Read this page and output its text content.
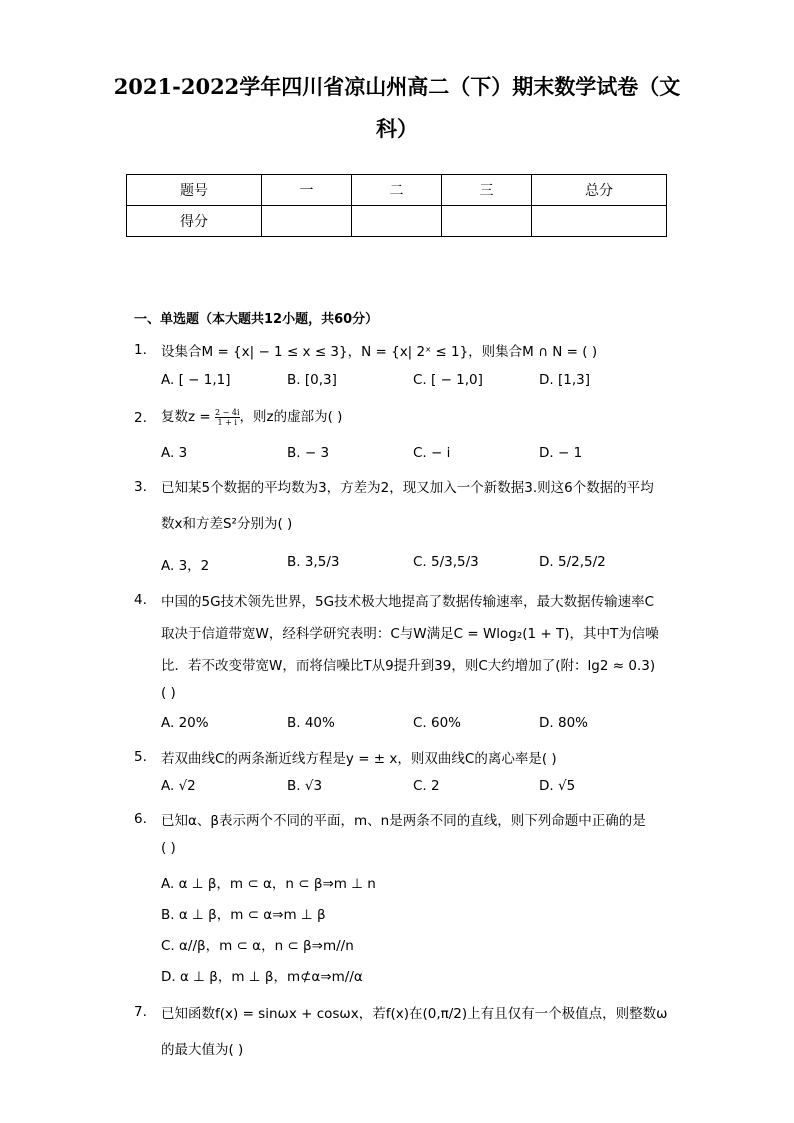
2021-2022学年四川省凉山州高二（下）期末数学试卷（文
科）
题号	一	二	三	总分
得分				
一、单选题（本大题共12小题，共60分）
1. 设集合M = {x| − 1 ≤ x ≤ 3}，N = {x| 2ˣ ≤ 1}，则集合M ∩ N = ( )
A. [ − 1,1]	B. [0,3]	C. [ − 1,0]	D. [1,3]
2. 复数$z = \frac{2 - 4i}{1 + i}$ ，则z的虚部为( )
A. 3	B. − 3	C. − i	D. − 1
3. 已知某5个数据的平均数为3，方差为2，现又加入一个新数据3.则这6个数据的平均
数x和方差S²分别为( )
A. 3，2	B. 3,5/3	C. 5/3,5/3	D. 5/2,5/2
4. 中国的5G技术领先世界，5G技术极大地提高了数据传输速率，最大数据传输速率C
取决于信道带宽W，经科学研究表明：C与W满足C = Wlog₂(1 + T)，其中T为信噪
比．若不改变带宽W，而将信噪比T从9提升到39，则C大约增加了(附：lg2 ≈ 0.3)
( )
A. 20%	B. 40%	C. 60%	D. 80%
5. 若双曲线C的两条渐近线方程是y = ± x，则双曲线C的离心率是( )
A. √2	B. √3	C. 2	D. √5
6. 已知α、β表示两个不同的平面，m、n是两条不同的直线，则下列命题中正确的是
( )
A. α ⊥ β，m ⊂ α，n ⊂ β⇒m ⊥ n
B. α ⊥ β，m ⊂ α⇒m ⊥ β
C. α//β，m ⊂ α，n ⊂ β⇒m//n
D. α ⊥ β，m ⊥ β，m⊄α⇒m//α
7. 已知函数f(x) = sinωx + cosωx，若f(x)在(0,π/2)上有且仅有一个极值点，则整数ω
的最大值为( )
